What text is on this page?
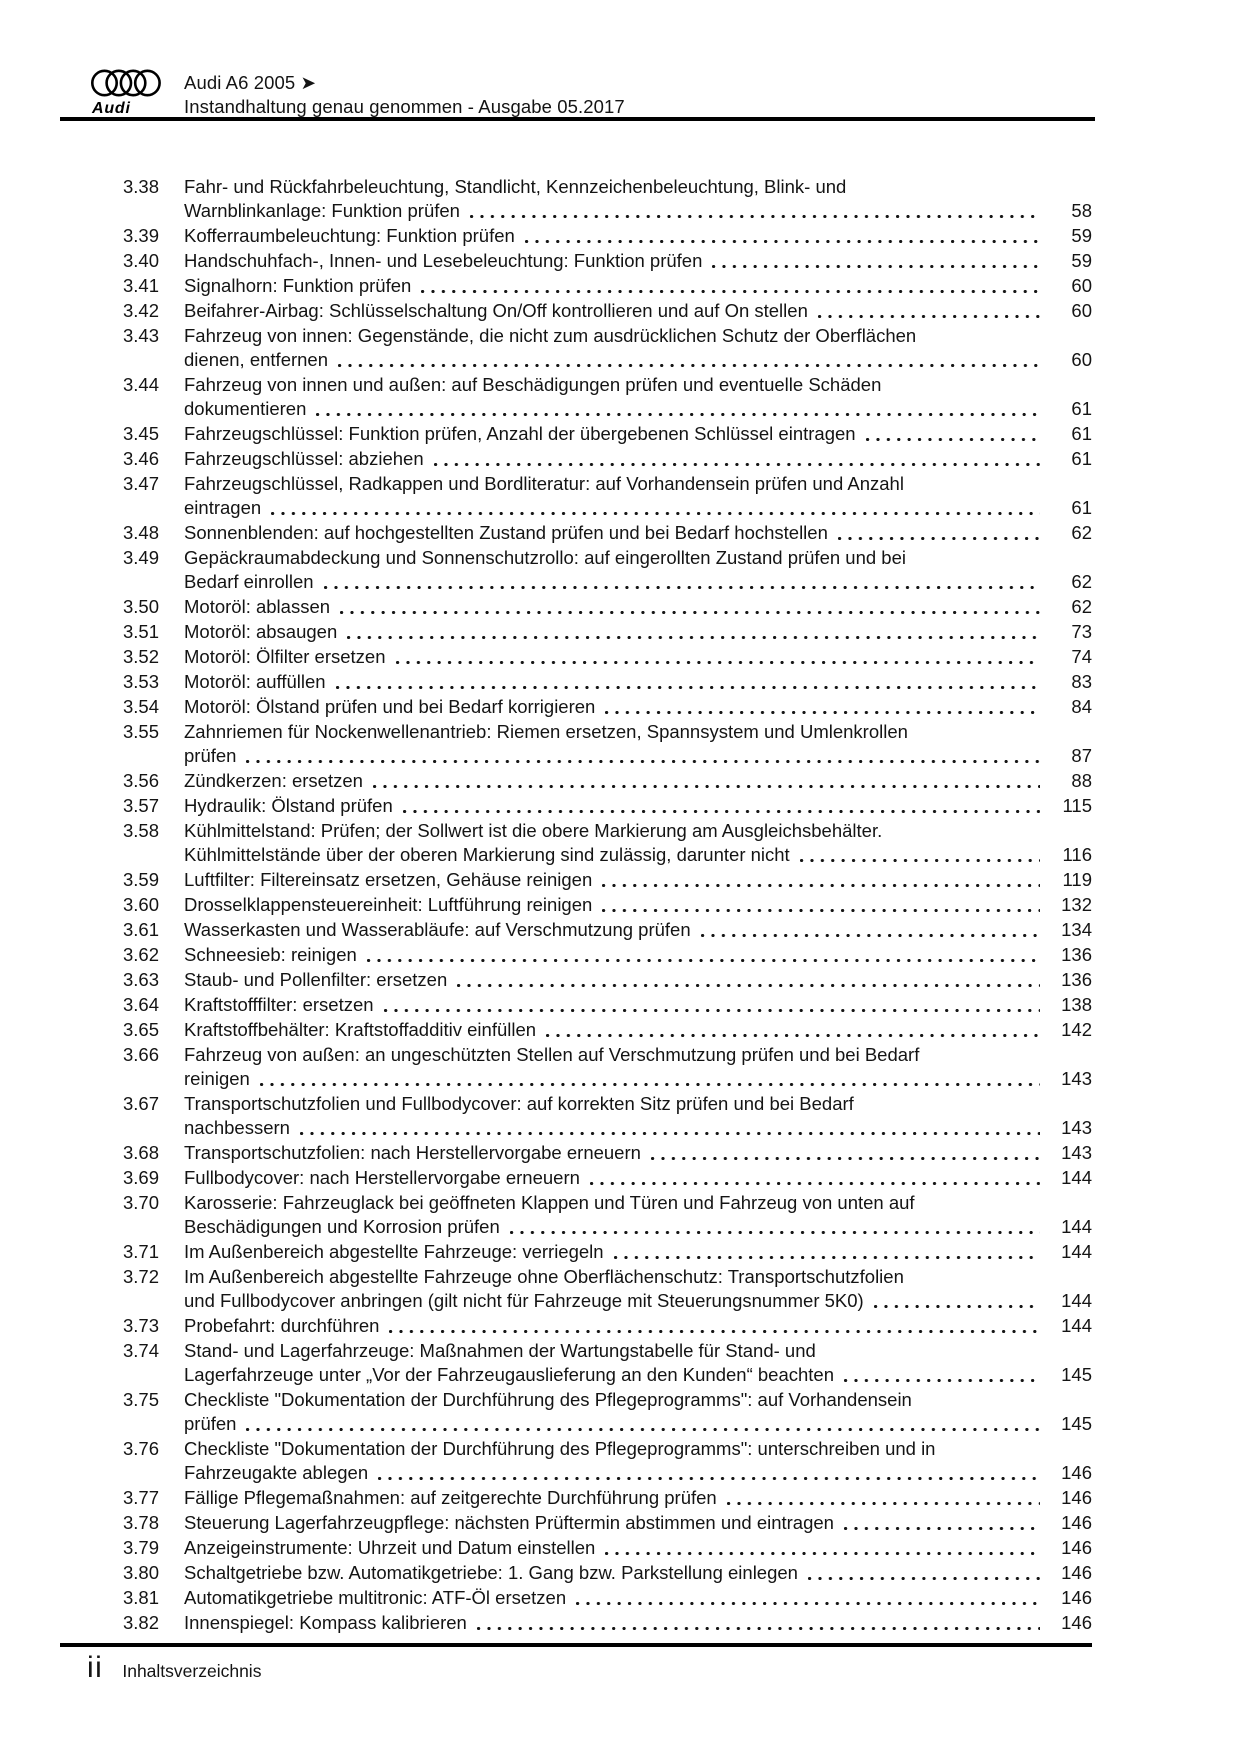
Audi
Audi A6 2005 ➤
Instandhaltung genau genommen - Ausgabe 05.2017
3.38	Fahr- und Rückfahrbeleuchtung, Standlicht, Kennzeichenbeleuchtung, Blink- und
Warnblinkanlage: Funktion prüfen	58
3.39	Kofferraumbeleuchtung: Funktion prüfen	59
3.40	Handschuhfach-, Innen- und Lesebeleuchtung: Funktion prüfen	59
3.41	Signalhorn: Funktion prüfen	60
3.42	Beifahrer-Airbag: Schlüsselschaltung On/Off kontrollieren und auf On stellen	60
3.43	Fahrzeug von innen: Gegenstände, die nicht zum ausdrücklichen Schutz der Oberflächen
dienen, entfernen	60
3.44	Fahrzeug von innen und außen: auf Beschädigungen prüfen und eventuelle Schäden
dokumentieren	61
3.45	Fahrzeugschlüssel: Funktion prüfen, Anzahl der übergebenen Schlüssel eintragen	61
3.46	Fahrzeugschlüssel: abziehen	61
3.47	Fahrzeugschlüssel, Radkappen und Bordliteratur: auf Vorhandensein prüfen und Anzahl
eintragen	61
3.48	Sonnenblenden: auf hochgestellten Zustand prüfen und bei Bedarf hochstellen	62
3.49	Gepäckraumabdeckung und Sonnenschutzrollo: auf eingerollten Zustand prüfen und bei
Bedarf einrollen	62
3.50	Motoröl: ablassen	62
3.51	Motoröl: absaugen	73
3.52	Motoröl: Ölfilter ersetzen	74
3.53	Motoröl: auffüllen	83
3.54	Motoröl: Ölstand prüfen und bei Bedarf korrigieren	84
3.55	Zahnriemen für Nockenwellenantrieb: Riemen ersetzen, Spannsystem und Umlenkrollen
prüfen	87
3.56	Zündkerzen: ersetzen	88
3.57	Hydraulik: Ölstand prüfen	115
3.58	Kühlmittelstand: Prüfen; der Sollwert ist die obere Markierung am Ausgleichsbehälter.
Kühlmittelstände über der oberen Markierung sind zulässig, darunter nicht	116
3.59	Luftfilter: Filtereinsatz ersetzen, Gehäuse reinigen	119
3.60	Drosselklappensteuereinheit: Luftführung reinigen	132
3.61	Wasserkasten und Wasserabläufe: auf Verschmutzung prüfen	134
3.62	Schneesieb: reinigen	136
3.63	Staub- und Pollenfilter: ersetzen	136
3.64	Kraftstofffilter: ersetzen	138
3.65	Kraftstoffbehälter: Kraftstoffadditiv einfüllen	142
3.66	Fahrzeug von außen: an ungeschützten Stellen auf Verschmutzung prüfen und bei Bedarf
reinigen	143
3.67	Transportschutzfolien und Fullbodycover: auf korrekten Sitz prüfen und bei Bedarf
nachbessern	143
3.68	Transportschutzfolien: nach Herstellervorgabe erneuern	143
3.69	Fullbodycover: nach Herstellervorgabe erneuern	144
3.70	Karosserie: Fahrzeuglack bei geöffneten Klappen und Türen und Fahrzeug von unten auf
Beschädigungen und Korrosion prüfen	144
3.71	Im Außenbereich abgestellte Fahrzeuge: verriegeln	144
3.72	Im Außenbereich abgestellte Fahrzeuge ohne Oberflächenschutz: Transportschutzfolien
und Fullbodycover anbringen (gilt nicht für Fahrzeuge mit Steuerungsnummer 5K0)	144
3.73	Probefahrt: durchführen	144
3.74	Stand- und Lagerfahrzeuge: Maßnahmen der Wartungstabelle für Stand- und
Lagerfahrzeuge unter „Vor der Fahrzeugauslieferung an den Kunden“ beachten	145
3.75	Checkliste "Dokumentation der Durchführung des Pflegeprogramms": auf Vorhandensein
prüfen	145
3.76	Checkliste "Dokumentation der Durchführung des Pflegeprogramms": unterschreiben und in
Fahrzeugakte ablegen	146
3.77	Fällige Pflegemaßnahmen: auf zeitgerechte Durchführung prüfen	146
3.78	Steuerung Lagerfahrzeugpflege: nächsten Prüftermin abstimmen und eintragen	146
3.79	Anzeigeinstrumente: Uhrzeit und Datum einstellen	146
3.80	Schaltgetriebe bzw. Automatikgetriebe: 1. Gang bzw. Parkstellung einlegen	146
3.81	Automatikgetriebe multitronic: ATF-Öl ersetzen	146
3.82	Innenspiegel: Kompass kalibrieren	146
ii Inhaltsverzeichnis
